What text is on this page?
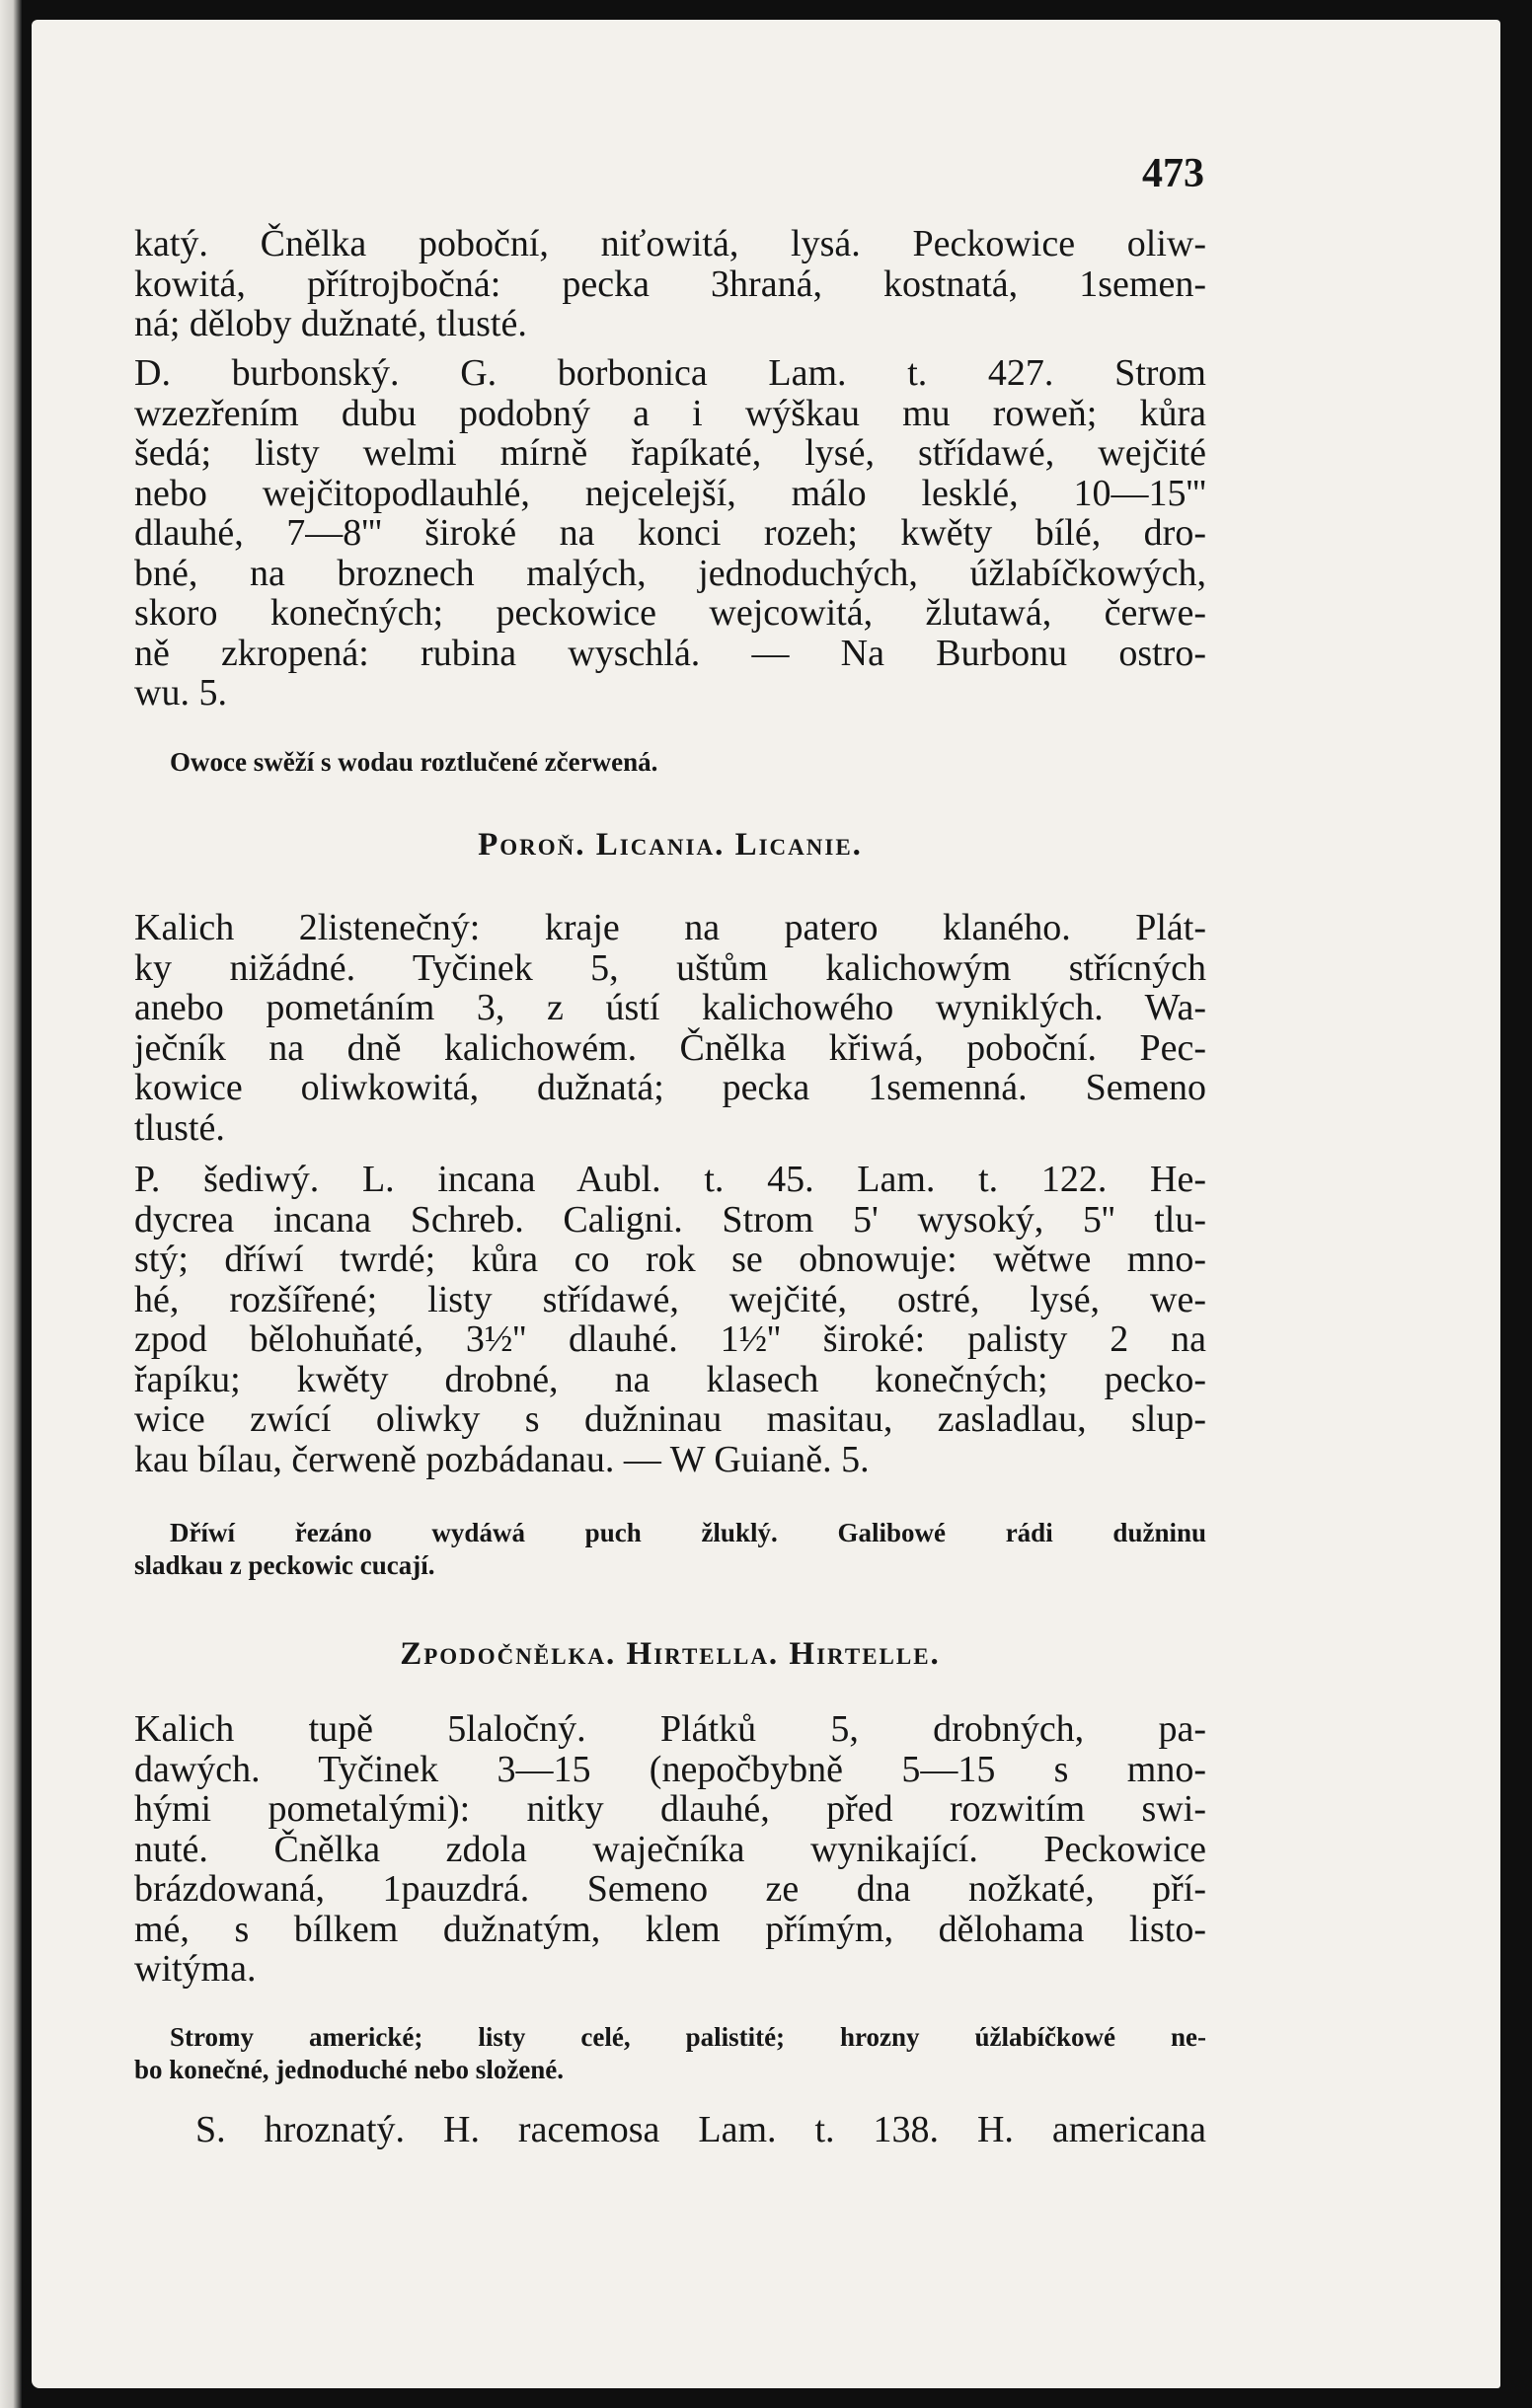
473
katý. Čnělka poboční, niťowitá, lysá. Peckowice oliw-
kowitá, přítrojbočná: pecka 3hraná, kostnatá, 1semen-
ná; děloby dužnaté, tlusté.
D. burbonský. G. borbonica Lam. t. 427. Strom
wzezřením dubu podobný a i wýškau mu roweň; kůra
šedá; listy welmi mírně řapíkaté, lysé, střídawé, wejčité
nebo wejčitopodlauhlé, nejcelejší, málo lesklé, 10—15'''
dlauhé, 7—8''' široké na konci rozeh; kwěty bílé, dro-
bné, na broznech malých, jednoduchých, úžlabíčkowých,
skoro konečných; peckowice wejcowitá, žlutawá, čerwe-
ně zkropená: rubina wyschlá. — Na Burbonu ostro-
wu. 5.
Owoce swěží s wodau roztlučené zčerwená.
Poroň. Licania. Licanie.
Kalich 2listenečný: kraje na patero klaného. Plát-
ky nižádné. Tyčinek 5, uštům kalichowým střícných
anebo pometáním 3, z ústí kalichowého wyniklých. Wa-
ječník na dně kalichowém. Čnělka křiwá, poboční. Pec-
kowice oliwkowitá, dužnatá; pecka 1semenná. Semeno
tlusté.
P. šediwý. L. incana Aubl. t. 45. Lam. t. 122. He-
dycrea incana Schreb. Caligni. Strom 5' wysoký, 5'' tlu-
stý; dříwí twrdé; kůra co rok se obnowuje: wětwe mno-
hé, rozšířené; listy střídawé, wejčité, ostré, lysé, we-
zpod bělohuňaté, 3½'' dlauhé. 1½'' široké: palisty 2 na
řapíku; kwěty drobné, na klasech konečných; pecko-
wice zwící oliwky s dužninau masitau, zasladlau, slup-
kau bílau, čerweně pozbádanau. — W Guianě. 5.
Dříwí řezáno wydáwá puch žluklý. Galibowé rádi dužninu
sladkau z peckowic cucají.
Zpodočnělka. Hirtella. Hirtelle.
Kalich tupě 5laločný. Plátků 5, drobných, pa-
dawých. Tyčinek 3—15 (nepočbybně 5—15 s mno-
hými pometalými): nitky dlauhé, před rozwitím swi-
nuté. Čnělka zdola waječníka wynikající. Peckowice
brázdowaná, 1pauzdrá. Semeno ze dna nožkaté, pří-
mé, s bílkem dužnatým, klem přímým, dělohama listo-
witýma.
Stromy americké; listy celé, palistité; hrozny úžlabíčkowé ne-
bo konečné, jednoduché nebo složené.
S. hroznatý. H. racemosa Lam. t. 138. H. americana
